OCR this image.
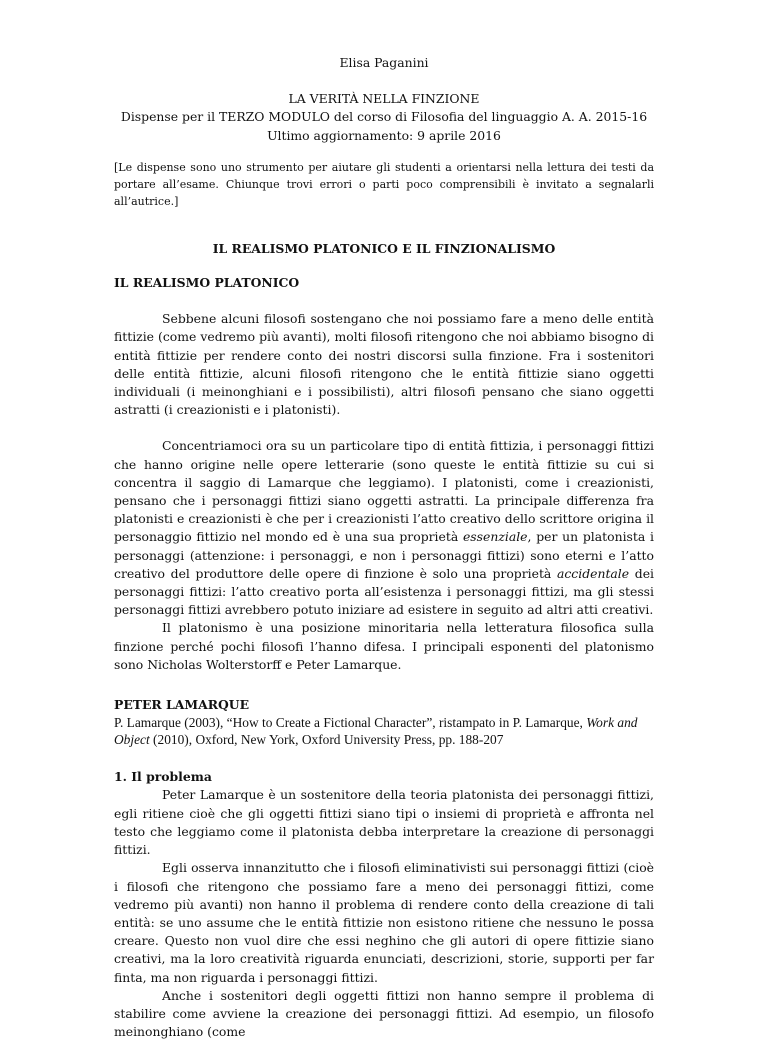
Elisa Paganini
LA VERITÀ NELLA FINZIONE
Dispense per il TERZO MODULO del corso di Filosofia del linguaggio A. A. 2015-16
Ultimo aggiornamento: 9 aprile 2016
[Le dispense sono uno strumento per aiutare gli studenti a orientarsi nella lettura dei testi da portare all’esame. Chiunque trovi errori o parti poco comprensibili è invitato a segnalarli all’autrice.]
IL REALISMO PLATONICO E IL FINZIONALISMO
IL REALISMO PLATONICO

Sebbene alcuni filosofi sostengano che noi possiamo fare a meno delle entità fittizie (come vedremo più avanti), molti filosofi ritengono che noi abbiamo bisogno di entità fittizie per rendere conto dei nostri discorsi sulla finzione. Fra i sostenitori delle entità fittizie, alcuni filosofi ritengono che le entità fittizie siano oggetti individuali (i meinonghiani e i possibilisti), altri filosofi pensano che siano oggetti astratti (i creazionisti e i platonisti).

Concentriamoci ora su un particolare tipo di entità fittizia, i personaggi fittizi che hanno origine nelle opere letterarie (sono queste le entità fittizie su cui si concentra il saggio di Lamarque che leggiamo). I platonisti, come i creazionisti, pensano che i personaggi fittizi siano oggetti astratti. La principale differenza fra platonisti e creazionisti è che per i creazionisti l’atto creativo dello scrittore origina il personaggio fittizio nel mondo ed è una sua proprietà essenziale, per un platonista i personaggi (attenzione: i personaggi, e non i personaggi fittizi) sono eterni e l’atto creativo del produttore delle opere di finzione è solo una proprietà accidentale dei personaggi fittizi: l’atto creativo porta all’esistenza i personaggi fittizi, ma gli stessi personaggi fittizi avrebbero potuto iniziare ad esistere in seguito ad altri atti creativi.

Il platonismo è una posizione minoritaria nella letteratura filosofica sulla finzione perché pochi filosofi l’hanno difesa. I principali esponenti del platonismo sono Nicholas Wolterstorff e Peter Lamarque.

PETER LAMARQUE

P. Lamarque (2003), “How to Create a Fictional Character”, ristampato in P. Lamarque, Work and Object (2010), Oxford, New York, Oxford University Press, pp. 188-207

1. Il problema

Peter Lamarque è un sostenitore della teoria platonista dei personaggi fittizi, egli ritiene cioè che gli oggetti fittizi siano tipi o insiemi di proprietà e affronta nel testo che leggiamo come il platonista debba interpretare la creazione di personaggi fittizi.

Egli osserva innanzitutto che i filosofi eliminativisti sui personaggi fittizi (cioè i filosofi che ritengono che possiamo fare a meno dei personaggi fittizi, come vedremo più avanti) non hanno il problema di rendere conto della creazione di tali entità: se uno assume che le entità fittizie non esistono ritiene che nessuno le possa creare. Questo non vuol dire che essi neghino che gli autori di opere fittizie siano creativi, ma la loro creatività riguarda enunciati, descrizioni, storie, supporti per far finta, ma non riguarda i personaggi fittizi.

Anche i sostenitori degli oggetti fittizi non hanno sempre il problema di stabilire come avviene la creazione dei personaggi fittizi. Ad esempio, un filosofo meinonghiano (come
